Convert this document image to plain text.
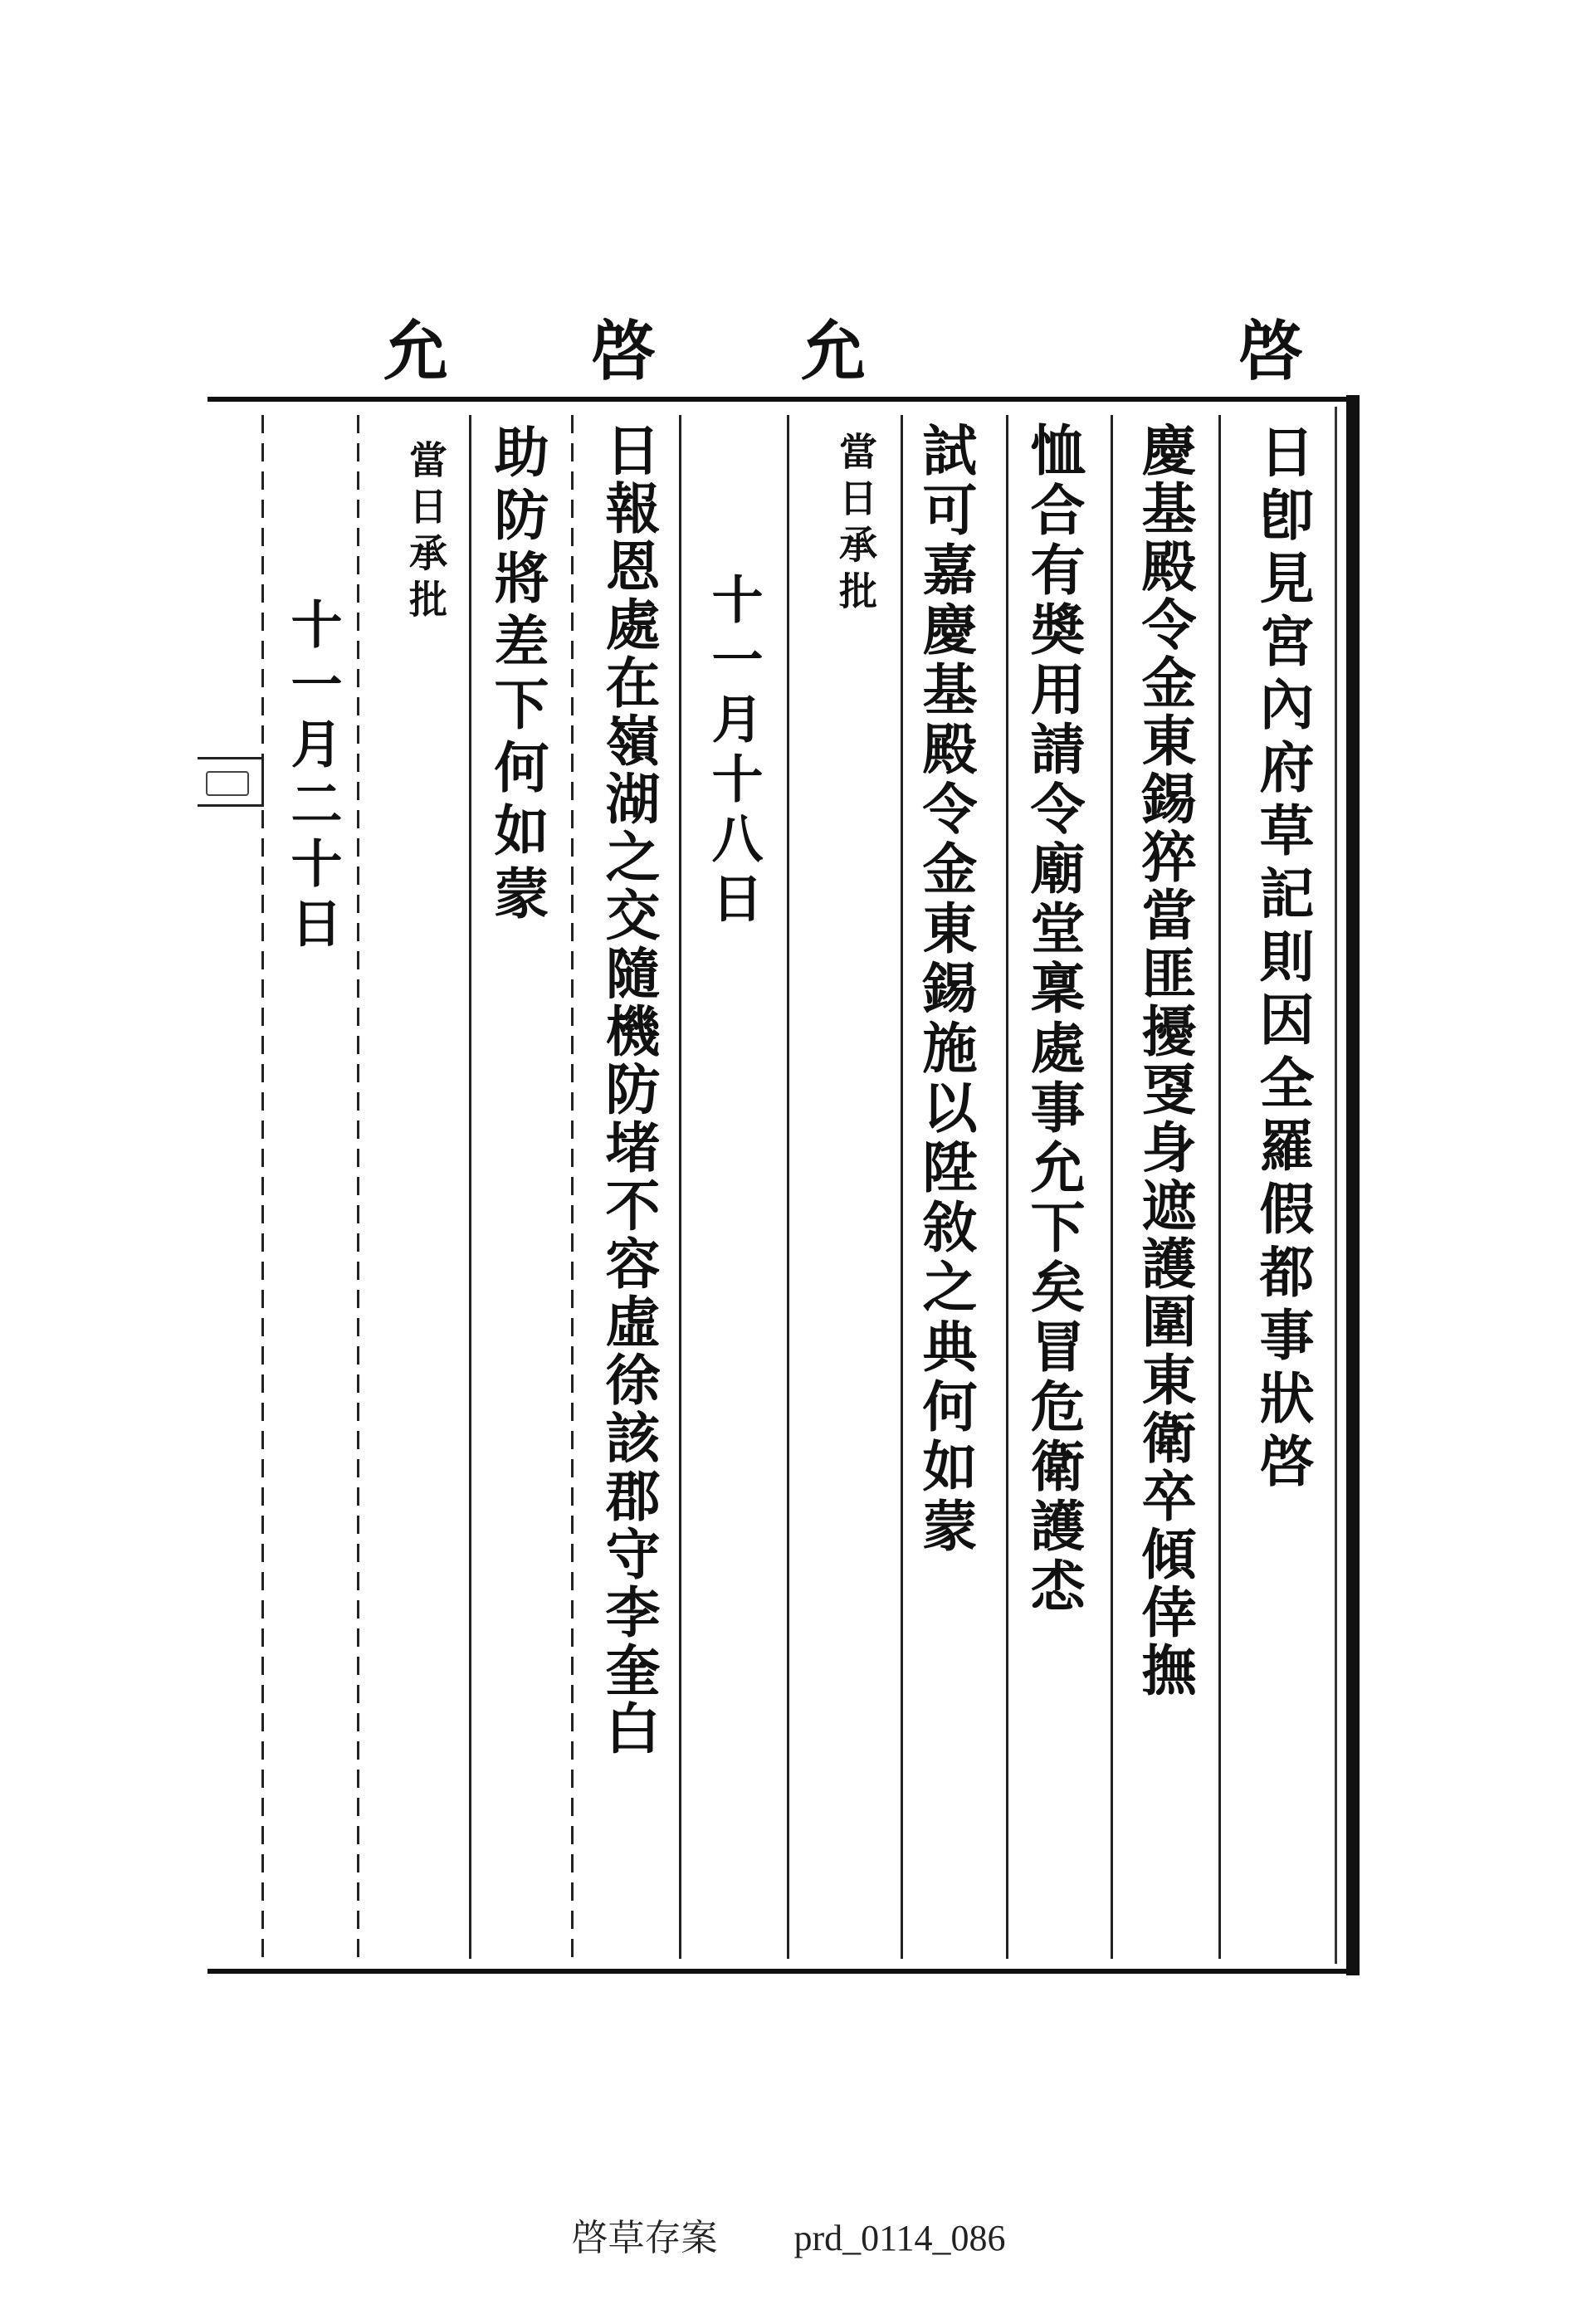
啓
允
啓
允
日卽見宮內府草記則因全羅假都事狀啓
慶基殿令金東錫猝當匪擾㪅身遮護圍東衛卒傾倖撫
恤合有奬用請令廟堂稟處事允下矣冒危衛護怸
試可嘉慶基殿令金東錫施以陞敘之典何如蒙
當日承批
十一月十八日
日報恩處在嶺湖之交隨機防堵不容虛徐該郡守李奎白
助防將差下何如蒙
當日承批
十一月二十日
啓草存案 prd_0114_086
